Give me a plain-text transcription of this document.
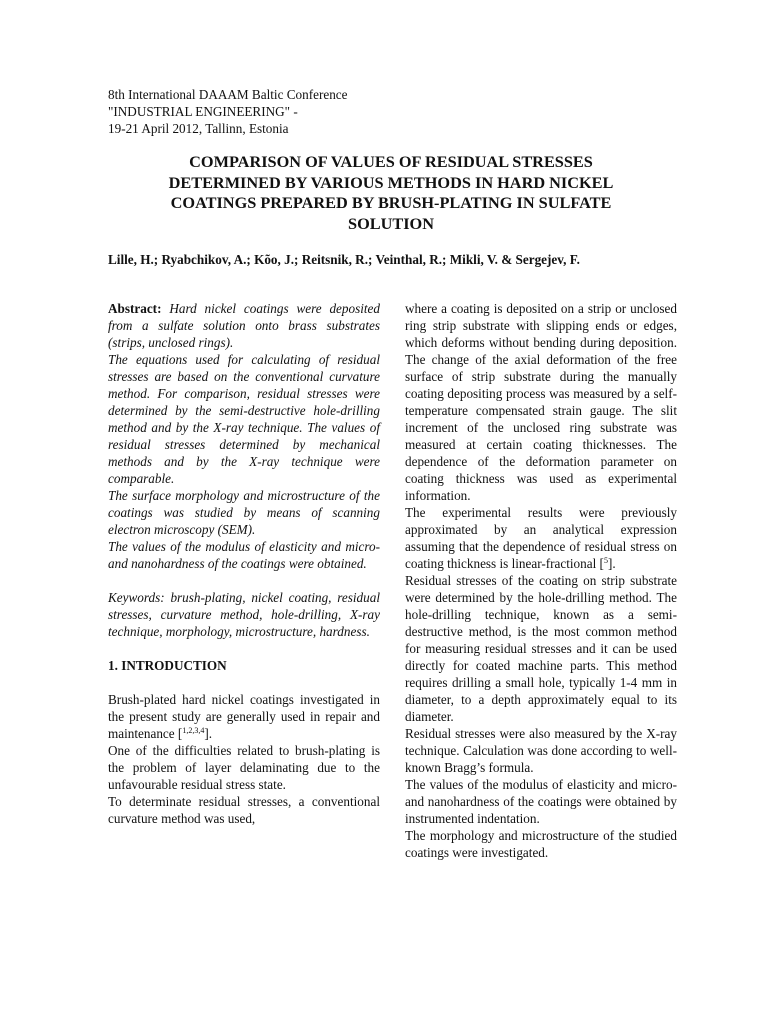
8th International DAAAM Baltic Conference
"INDUSTRIAL ENGINEERING" -
19-21 April 2012, Tallinn, Estonia
COMPARISON OF VALUES OF RESIDUAL STRESSES
DETERMINED BY VARIOUS METHODS IN HARD NICKEL
COATINGS PREPARED BY BRUSH-PLATING IN SULFATE
SOLUTION
Lille, H.; Ryabchikov, A.; Kõo, J.; Reitsnik, R.; Veinthal, R.; Mikli, V. & Sergejev, F.

Abstract: Hard nickel coatings were deposited from a sulfate solution onto brass substrates (strips, unclosed rings).

The equations used for calculating of residual stresses are based on the conventional curvature method. For comparison, residual stresses were determined by the semi-destructive hole-drilling method and by the X-ray technique. The values of residual stresses determined by mechanical methods and by the X-ray technique were comparable.

The surface morphology and microstructure of the coatings was studied by means of scanning electron microscopy (SEM).

The values of the modulus of elasticity and micro- and nanohardness of the coatings were obtained.

Keywords: brush-plating, nickel coating, residual stresses, curvature method, hole-drilling, X-ray technique, morphology, microstructure, hardness.

1. INTRODUCTION

Brush-plated hard nickel coatings investigated in the present study are generally used in repair and maintenance [$^{1,2,3,4}$].

One of the difficulties related to brush-plating is the problem of layer delaminating due to the unfavourable residual stress state.

To determinate residual stresses, a conventional curvature method was used,

where a coating is deposited on a strip or unclosed ring strip substrate with slipping ends or edges, which deforms without bending during deposition. The change of the axial deformation of the free surface of strip substrate during the manually coating depositing process was measured by a self-temperature compensated strain gauge. The slit increment of the unclosed ring substrate was measured at certain coating thicknesses. The dependence of the deformation parameter on coating thickness was used as experimental information.

The experimental results were previously approximated by an analytical expression assuming that the dependence of residual stress on coating thickness is linear-fractional [$^5$].

Residual stresses of the coating on strip substrate were determined by the hole-drilling method. The hole-drilling technique, known as a semi-destructive method, is the most common method for measuring residual stresses and it can be used directly for coated machine parts. This method requires drilling a small hole, typically 1-4 mm in diameter, to a depth approximately equal to its diameter.

Residual stresses were also measured by the X-ray technique. Calculation was done according to well-known Bragg’s formula.

The values of the modulus of elasticity and micro- and nanohardness of the coatings were obtained by instrumented indentation.

The morphology and microstructure of the studied coatings were investigated.
